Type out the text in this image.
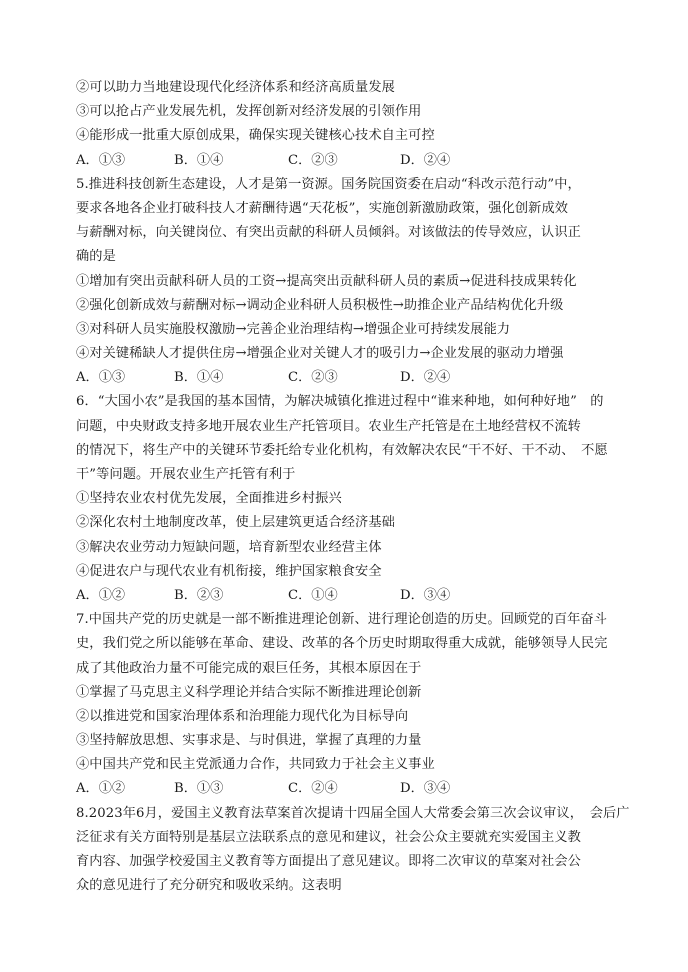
②可以助力当地建设现代化经济体系和经济高质量发展
③可以抢占产业发展先机，发挥创新对经济发展的引领作用
④能形成一批重大原创成果，确保实现关键核心技术自主可控
A．①③	B．①④	C．②③	D．②④
5.推进科技创新生态建设，人才是第一资源。国务院国资委在启动“科改示范行动”中，
要求各地各企业打破科技人才薪酬待遇“天花板”，实施创新激励政策，强化创新成效
与薪酬对标，向关键岗位、有突出贡献的科研人员倾斜。对该做法的传导效应，认识正
确的是
①增加有突出贡献科研人员的工资→提高突出贡献科研人员的素质→促进科技成果转化
②强化创新成效与薪酬对标→调动企业科研人员积极性→助推企业产品结构优化升级
③对科研人员实施股权激励→完善企业治理结构→增强企业可持续发展能力
④对关键稀缺人才提供住房→增强企业对关键人才的吸引力→企业发展的驱动力增强
A．①③	B．①④	C．②③	D．②④
6．“大国小农”是我国的基本国情，为解决城镇化推进过程中“谁来种地，如何种好地”　的
问题，中央财政支持多地开展农业生产托管项目。农业生产托管是在土地经营权不流转
的情况下，将生产中的关键环节委托给专业化机构，有效解决农民“干不好、干不动、　不愿
干”等问题。开展农业生产托管有利于
①坚持农业农村优先发展，全面推进乡村振兴
②深化农村土地制度改革，使上层建筑更适合经济基础
③解决农业劳动力短缺问题，培育新型农业经营主体
④促进农户与现代农业有机衔接，维护国家粮食安全
A．①②	B．②③	C．①④	D．③④
7.中国共产党的历史就是一部不断推进理论创新、进行理论创造的历史。回顾党的百年奋斗
史，我们党之所以能够在革命、建设、改革的各个历史时期取得重大成就，能够领导人民完
成了其他政治力量不可能完成的艰巨任务，其根本原因在于
①掌握了马克思主义科学理论并结合实际不断推进理论创新
②以推进党和国家治理体系和治理能力现代化为目标导向
③坚持解放思想、实事求是、与时俱进，掌握了真理的力量
④中国共产党和民主党派通力合作，共同致力于社会主义事业
A．①②	B．①③	C．②④	D．③④
8.2023年6月，爱国主义教育法草案首次提请十四届全国人大常委会第三次会议审议，　会后广
泛征求有关方面特别是基层立法联系点的意见和建议，社会公众主要就充实爱国主义教
育内容、加强学校爱国主义教育等方面提出了意见建议。即将二次审议的草案对社会公
众的意见进行了充分研究和吸收采纳。这表明
